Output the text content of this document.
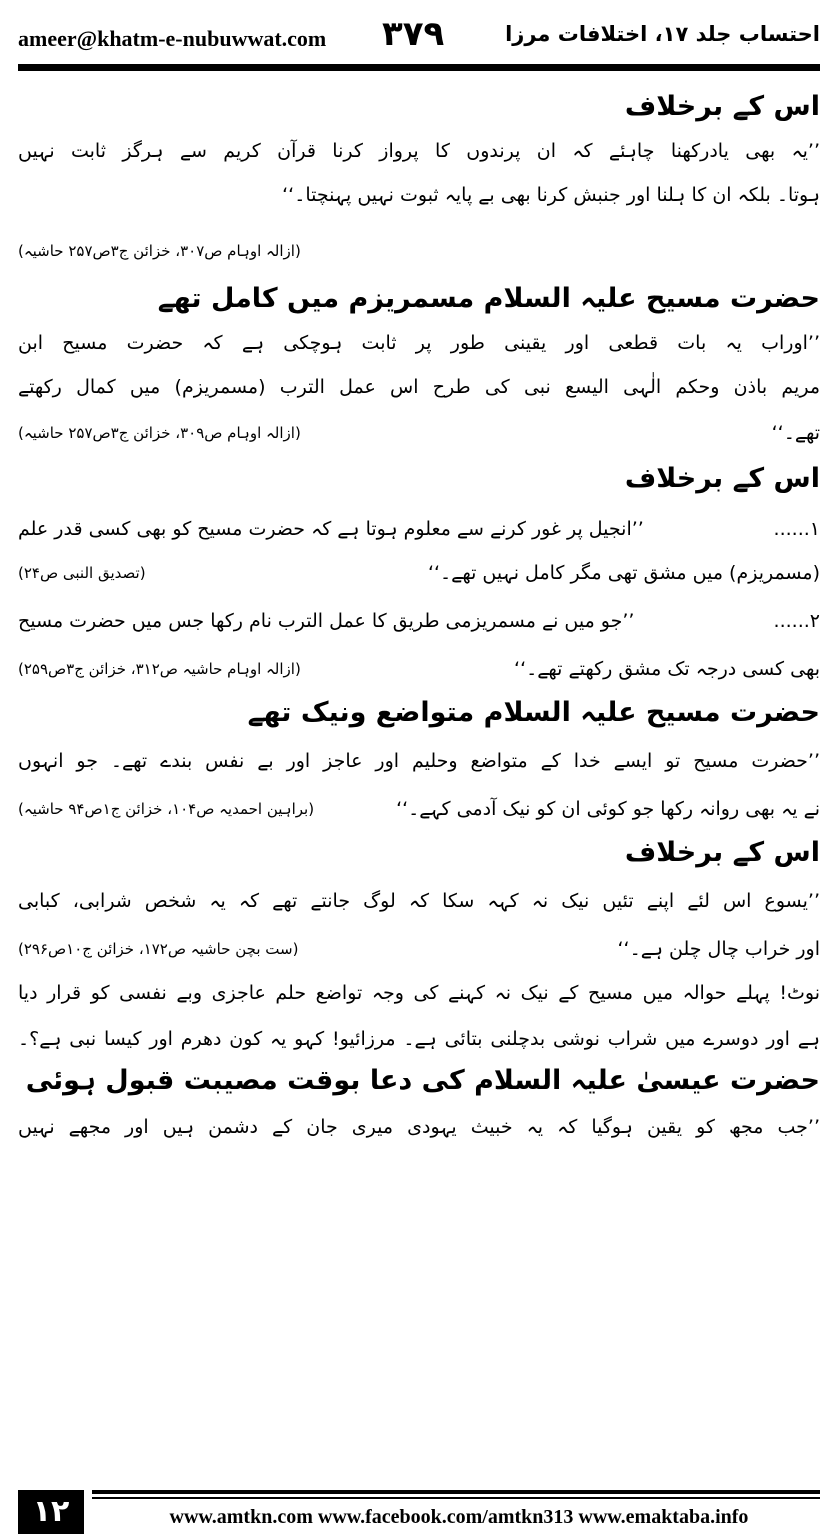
ameer@khatm-e-nubuwwat.com ۳۷۹	احتساب جلد ۱۷، اختلافات مرزا
اس کے برخلاف
’’یہ بھی یادرکھنا چاہئے کہ ان پرندوں کا پرواز کرنا قرآن کریم سے ہرگز ثابت نہیں
ہوتا۔ بلکہ ان کا ہلنا اور جنبش کرنا بھی بے پایہ ثبوت نہیں پہنچتا۔‘‘
(ازالہ اوہام ص۳۰۷، خزائن ج۳ص۲۵۷ حاشیہ)
حضرت مسیح علیہ السلام مسمریزم میں کامل تھے
’’اوراب یہ بات قطعی اور یقینی طور پر ثابت ہوچکی ہے کہ حضرت مسیح ابن
مریم باذن وحکم الٰہی الیسع نبی کی طرح اس عمل الترب (مسمریزم) میں کمال رکھتے
تھے۔‘‘
(ازالہ اوہام ص۳۰۹، خزائن ج۳ص۲۵۷ حاشیہ)
اس کے برخلاف
۱......
’’انجیل پر غور کرنے سے معلوم ہوتا ہے کہ حضرت مسیح کو بھی کسی قدر علم
(مسمریزم) میں مشق تھی مگر کامل نہیں تھے۔‘‘
(تصدیق النبی ص۲۴)
۲......
’’جو میں نے مسمریزمی طریق کا عمل الترب نام رکھا جس میں حضرت مسیح
بھی کسی درجہ تک مشق رکھتے تھے۔‘‘
(ازالہ اوہام حاشیہ ص۳۱۲، خزائن ج۳ص۲۵۹)
حضرت مسیح علیہ السلام متواضع ونیک تھے
’’حضرت مسیح تو ایسے خدا کے متواضع وحلیم اور عاجز اور بے نفس بندے تھے۔ جو انہوں
نے یہ بھی روانہ رکھا جو کوئی ان کو نیک آدمی کہے۔‘‘
(براہین احمدیہ ص۱۰۴، خزائن ج۱ص۹۴ حاشیہ)
اس کے برخلاف
’’یسوع اس لئے اپنے تئیں نیک نہ کہہ سکا کہ لوگ جانتے تھے کہ یہ شخص شرابی، کبابی
اور خراب چال چلن ہے۔‘‘
(ست بچن حاشیہ ص۱۷۲، خزائن ج۱۰ص۲۹۶)
نوٹ! پہلے حوالہ میں مسیح کے نیک نہ کہنے کی وجہ تواضع حلم عاجزی وبے نفسی کو قرار دیا
ہے اور دوسرے میں شراب نوشی بدچلنی بتائی ہے۔ مرزائیو! کہو یہ کون دھرم اور کیسا نبی ہے؟۔
حضرت عیسیٰ علیہ السلام کی دعا بوقت مصیبت قبول ہوئی
’’جب مجھ کو یقین ہوگیا کہ یہ خبیث یہودی میری جان کے دشمن ہیں اور مجھے نہیں
۱۲	www.amtkn.com www.facebook.com/amtkn313 www.emaktaba.info
